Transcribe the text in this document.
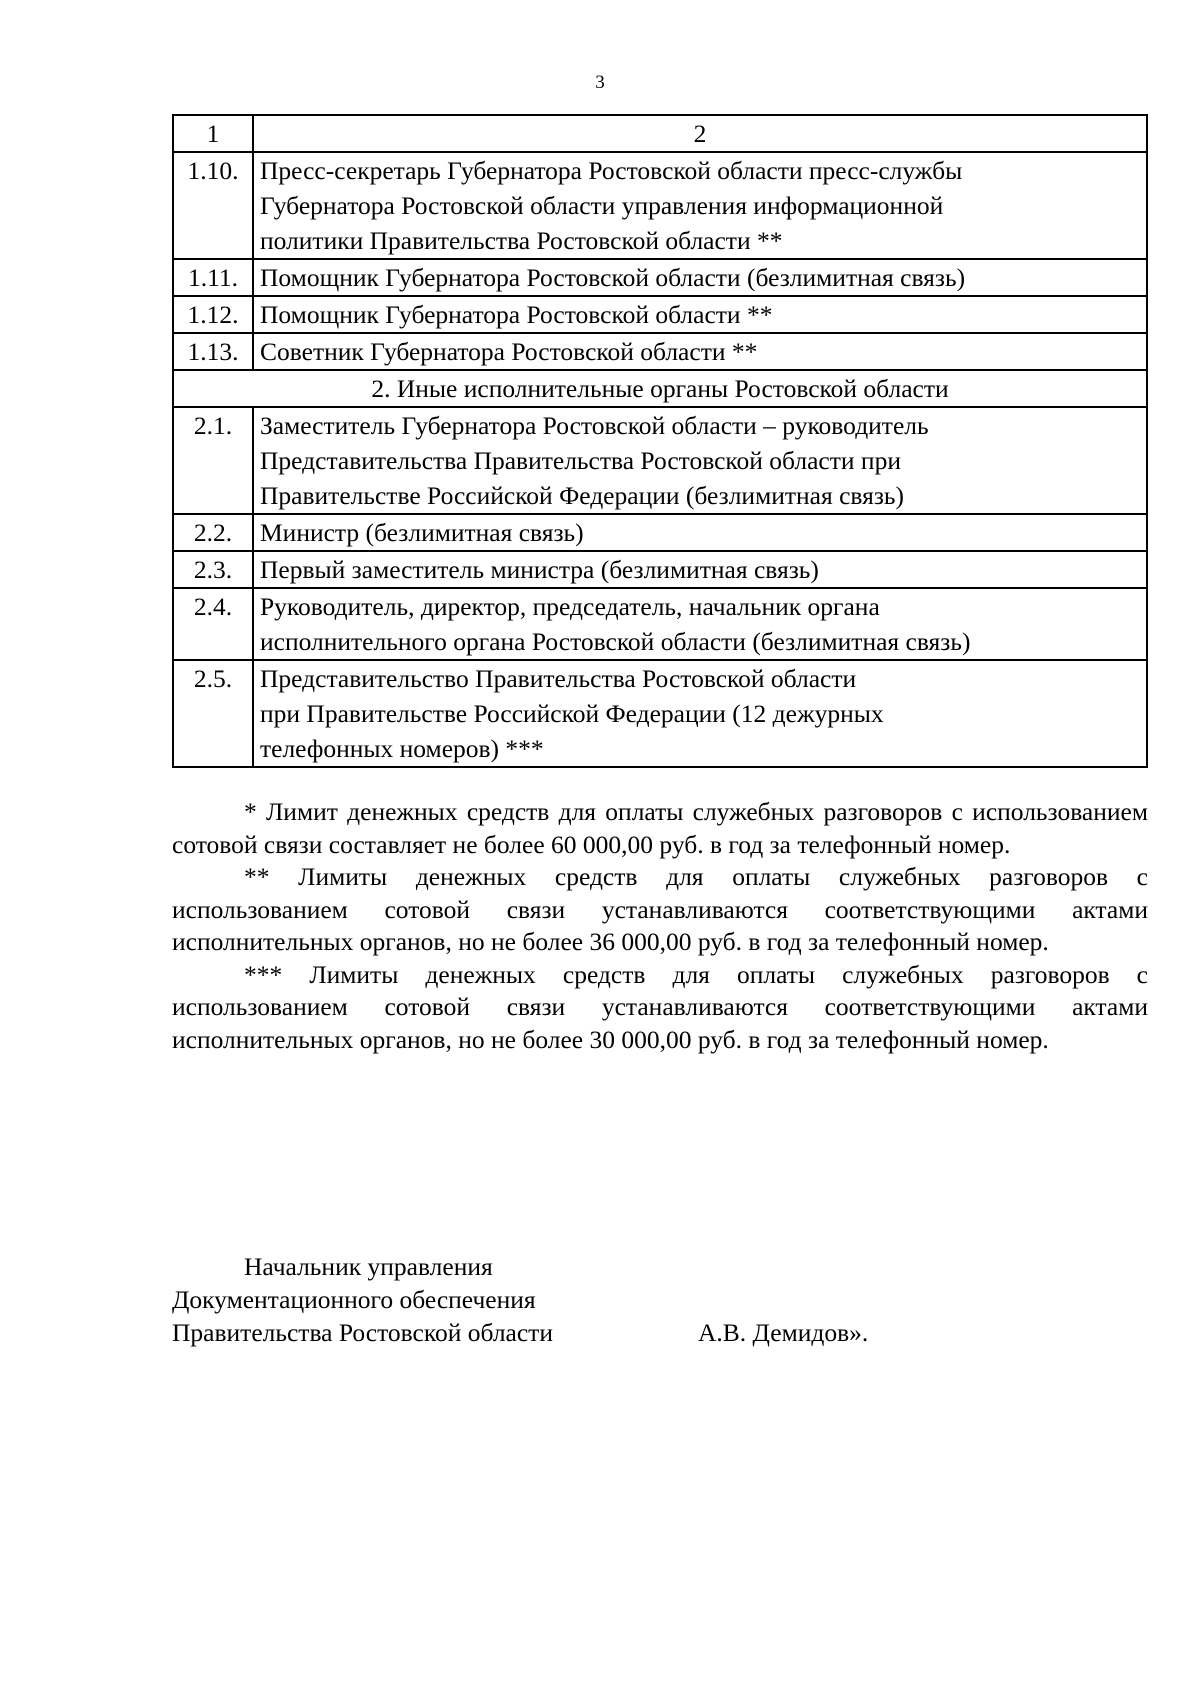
3
1	2
1.10.	Пресс-секретарь Губернатора Ростовской области пресс-службы
Губернатора Ростовской области управления информационной
политики Правительства Ростовской области **

1.11.	Помощник Губернатора Ростовской области (безлимитная связь)

1.12.	Помощник Губернатора Ростовской области **

1.13.	Советник Губернатора Ростовской области **

2. Иные исполнительные органы Ростовской области	
2.1.	Заместитель Губернатора Ростовской области – руководитель
Представительства Правительства Ростовской области при
Правительстве Российской Федерации (безлимитная связь)

2.2.	Министр (безлимитная связь)

2.3.	Первый заместитель министра (безлимитная связь)

2.4.	Руководитель, директор, председатель, начальник органа
исполнительного органа Ростовской области (безлимитная связь)

2.5.	Представительство Правительства Ростовской области
при Правительстве Российской Федерации (12 дежурных
телефонных номеров) ***

* Лимит денежных средств для оплаты служебных разговоров с использованием сотовой связи составляет не более 60 000,00 руб. в год за телефонный номер.

** Лимиты денежных средств для оплаты служебных разговоров с использованием сотовой связи устанавливаются соответствующими актами исполнительных органов, но не более 36 000,00 руб. в год за телефонный номер.

*** Лимиты денежных средств для оплаты служебных разговоров с использованием сотовой связи устанавливаются соответствующими актами исполнительных органов, но не более 30 000,00 руб. в год за телефонный номер.

Начальник управления
Документационного обеспечения
Правительства Ростовской области	А.В. Демидов».
